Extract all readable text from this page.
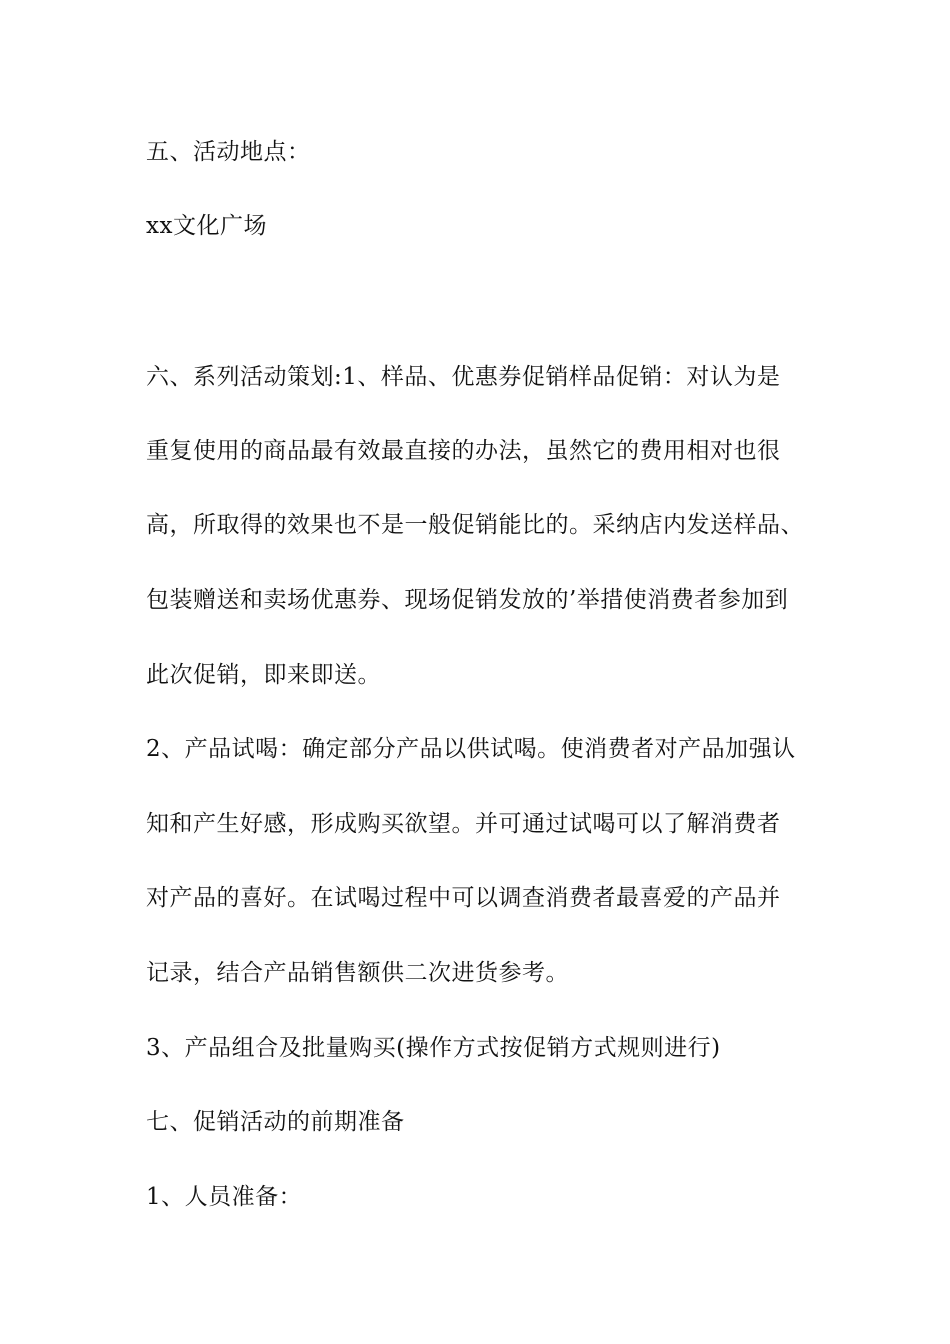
五、活动地点：
xx文化广场
六、系列活动策划:1、样品、优惠券促销样品促销：对认为是
重复使用的商品最有效最直接的办法，虽然它的费用相对也很
高，所取得的效果也不是一般促销能比的。采纳店内发送样品、
包装赠送和卖场优惠券、现场促销发放的’举措使消费者参加到
此次促销，即来即送。
2、产品试喝：确定部分产品以供试喝。使消费者对产品加强认
知和产生好感，形成购买欲望。并可通过试喝可以了解消费者
对产品的喜好。在试喝过程中可以调查消费者最喜爱的产品并
记录，结合产品销售额供二次进货参考。
3、产品组合及批量购买(操作方式按促销方式规则进行)
七、促销活动的前期准备
1、人员准备：
